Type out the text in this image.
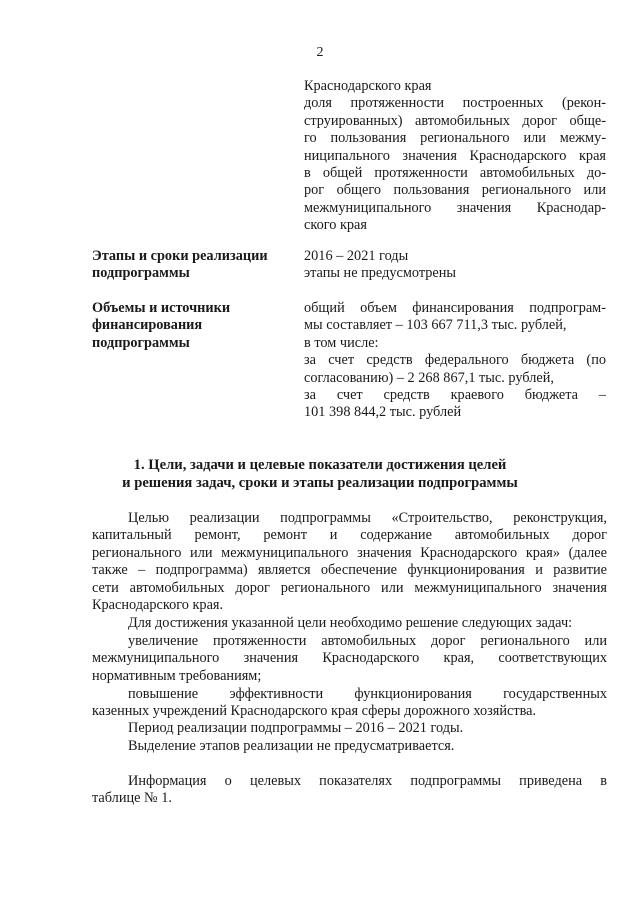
2
Краснодарского края
доля протяженности построенных (рекон-
струированных) автомобильных дорог обще-
го пользования регионального или межму-
ниципального значения Краснодарского края
в общей протяженности автомобильных до-
рог общего пользования регионального или
межмуниципального значения Краснодар-
ского края
Этапы и сроки реализации
подпрограммы
2016 – 2021 годы
этапы не предусмотрены
Объемы и источники
финансирования
подпрограммы
общий объем финансирования подпрограм-
мы составляет – 103 667 711,3 тыс. рублей,
в том числе:
за счет средств федерального бюджета (по
согласованию) – 2 268 867,1 тыс. рублей,
за счет средств краевого бюджета –
101 398 844,2 тыс. рублей
1. Цели, задачи и целевые показатели достижения целей
и решения задач, сроки и этапы реализации подпрограммы
Целью реализации подпрограммы «Строительство, реконструкция,
капитальный ремонт, ремонт и содержание автомобильных дорог
регионального или межмуниципального значения Краснодарского края» (далее
также – подпрограмма) является обеспечение функционирования и развитие
сети автомобильных дорог регионального или межмуниципального значения
Краснодарского края.
Для достижения указанной цели необходимо решение следующих задач:
увеличение протяженности автомобильных дорог регионального или
межмуниципального значения Краснодарского края, соответствующих
нормативным требованиям;
повышение эффективности функционирования государственных
казенных учреждений Краснодарского края сферы дорожного хозяйства.
Период реализации подпрограммы – 2016 – 2021 годы.
Выделение этапов реализации не предусматривается.
Информация о целевых показателях подпрограммы приведена в
таблице № 1.
